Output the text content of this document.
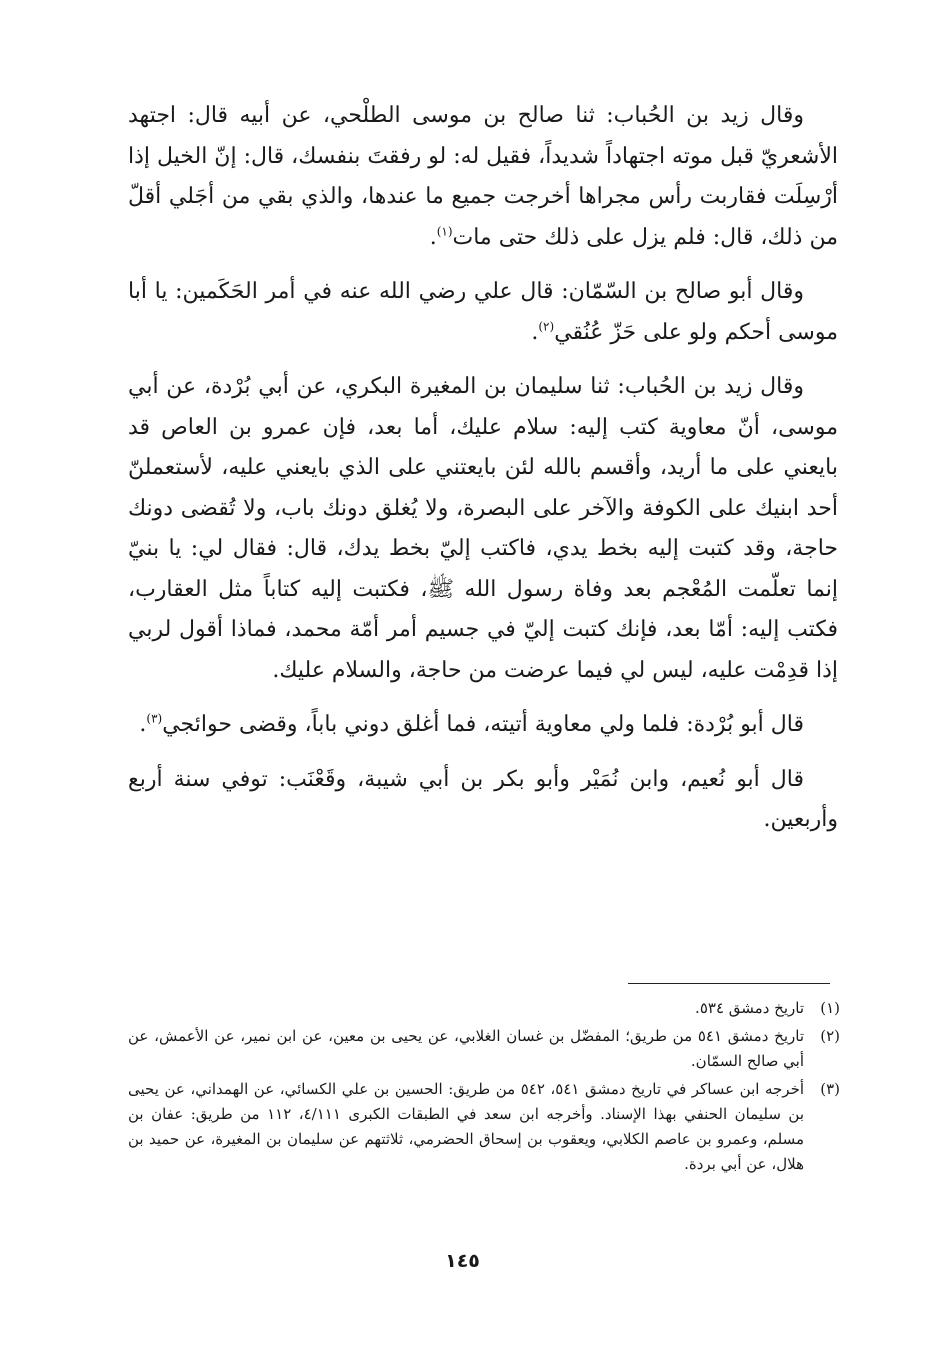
وقال زيد بن الحُباب: ثنا صالح بن موسى الطلْحي، عن أبيه قال: اجتهد الأشعريّ قبل موته اجتهاداً شديداً، فقيل له: لو رفقتَ بنفسك، قال: إنّ الخيل إذا أرْسِلَت فقاربت رأس مجراها أخرجت جميع ما عندها، والذي بقي من أجَلي أقلّ من ذلك، قال: فلم يزل على ذلك حتى مات$^{(١)}$.

وقال أبو صالح بن السّمّان: قال علي رضي الله عنه في أمر الحَكَمين: يا أبا موسى أحكم ولو على حَزّ عُنُقي$^{(٢)}$.

وقال زيد بن الحُباب: ثنا سليمان بن المغيرة البكري، عن أبي بُرْدة، عن أبي موسى، أنّ معاوية كتب إليه: سلام عليك، أما بعد، فإن عمرو بن العاص قد بايعني على ما أريد، وأقسم بالله لئن بايعتني على الذي بايعني عليه، لأستعملنّ أحد ابنيك على الكوفة والآخر على البصرة، ولا يُغلق دونك باب، ولا تُقضى دونك حاجة، وقد كتبت إليه بخط يدي، فاكتب إليّ بخط يدك، قال: فقال لي: يا بنيّ إنما تعلّمت المُعْجم بعد وفاة رسول الله ﷺ، فكتبت إليه كتاباً مثل العقارب، فكتب إليه: أمّا بعد، فإنك كتبت إليّ في جسيم أمر أمّة محمد، فماذا أقول لربي إذا قدِمْت عليه، ليس لي فيما عرضت من حاجة، والسلام عليك.

قال أبو بُرْدة: فلما ولي معاوية أتيته، فما أغلق دوني باباً، وقضى حوائجي$^{(٣)}$.

قال أبو نُعيم، وابن نُمَيْر وأبو بكر بن أبي شيبة، وقَعْنَب: توفي سنة أربع وأربعين.

(١)
تاريخ دمشق ٥٣٤.
(٢)
تاريخ دمشق ٥٤١ من طريق؛ المفضّل بن غسان الغلابي، عن يحيى بن معين، عن ابن نمير، عن الأعمش، عن أبي صالح السمّان.
(٣)
أخرجه ابن عساكر في تاريخ دمشق ٥٤١، ٥٤٢ من طريق: الحسين بن علي الكسائي، عن الهمداني، عن يحيى بن سليمان الحنفي بهذا الإسناد. وأخرجه ابن سعد في الطبقات الكبرى ٤/١١١، ١١٢ من طريق: عفان بن مسلم، وعمرو بن عاصم الكلابي، ويعقوب بن إسحاق الحضرمي، ثلاثتهم عن سليمان بن المغيرة، عن حميد بن هلال، عن أبي بردة.
١٤٥
